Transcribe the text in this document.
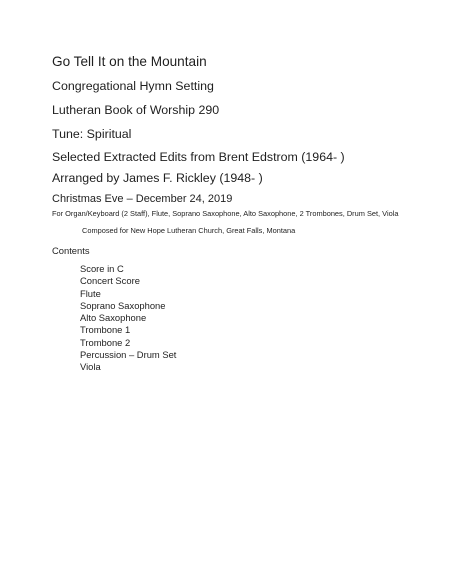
Go Tell It on the Mountain
Congregational Hymn Setting
Lutheran Book of Worship 290
Tune: Spiritual
Selected Extracted Edits from Brent Edstrom (1964- )
Arranged by James F. Rickley (1948- )
Christmas Eve – December 24, 2019
For Organ/Keyboard (2 Staff), Flute, Soprano Saxophone, Alto Saxophone, 2 Trombones, Drum Set, Viola
Composed for New Hope Lutheran Church, Great Falls, Montana
Contents
Score in C
Concert Score
Flute
Soprano Saxophone
Alto Saxophone
Trombone 1
Trombone 2
Percussion – Drum Set
Viola
